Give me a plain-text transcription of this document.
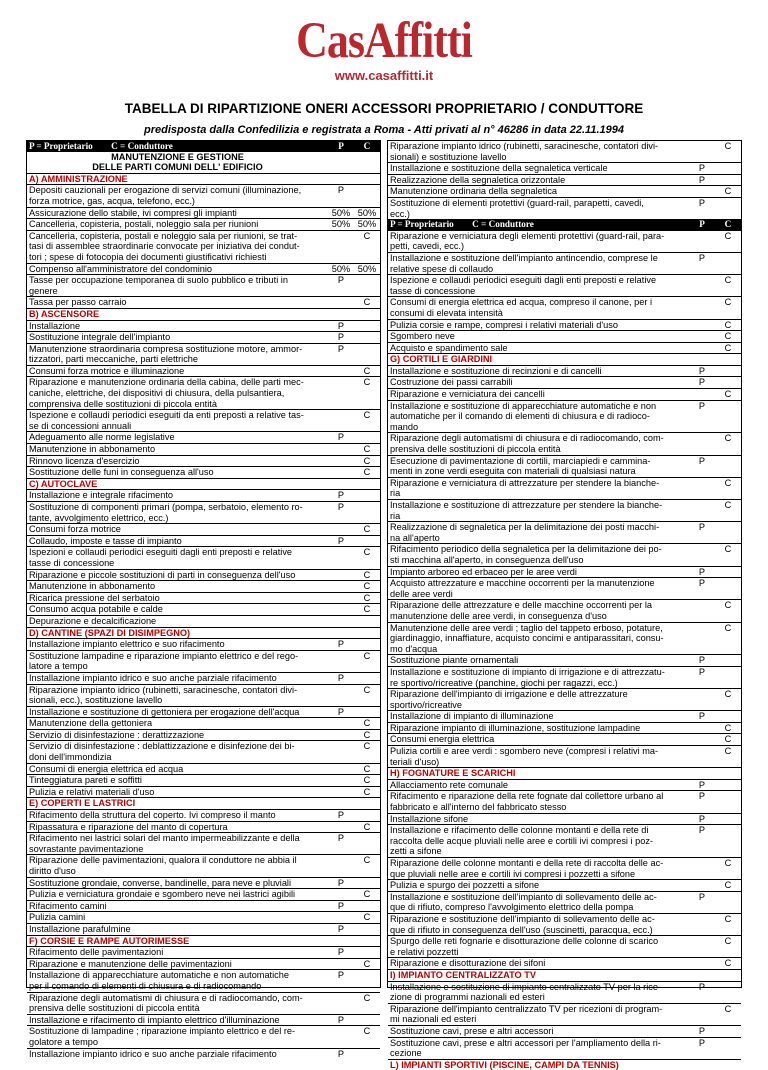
CasAffitti
www.casaffitti.it
TABELLA DI RIPARTIZIONE ONERI ACCESSORI PROPRIETARIO / CONDUTTORE
predisposta dalla Confedilizia e registrata a Roma - Atti privati al n° 46286 in data 22.11.1994
P = Proprietario        C = Conduttore	P	C
MANUTENZIONE E GESTIONE
DELLE PARTI COMUNI DELL' EDIFICIO
A) AMMINISTRAZIONE
Depositi cauzionali per erogazione di servizi comuni (illuminazione,	P
forza motrice, gas, acqua, telefono, ecc.)
Assicurazione dello stabile, ivi compresi gli impianti	50% 50%
Cancelleria, copisteria, postali, noleggio sala per riunioni	50% 50%
Cancelleria, copisteria, postali e noleggio sala per riunioni, se trat-	C
tasi di assemblee straordinarie convocate per iniziativa dei condut-
tori ; spese di fotocopia dei documenti giustificativi richiesti
Compenso all'amministratore del condominio	50% 50%
Tasse per occupazione temporanea di suolo pubblico e tributi in	P
genere
Tassa per passo carraio	C
B) ASCENSORE
Installazione	P
Sostituzione integrale dell'impianto	P
Manutenzione straordinaria compresa sostituzione motore, ammor-	P
tizzatori, parti meccaniche, parti elettriche
Consumi forza motrice e illuminazione	C
Riparazione e manutenzione ordinaria della cabina, delle parti mec-	C
caniche, elettriche, dei dispositivi di chiusura, della pulsantiera,
comprensiva delle sostituzioni di piccola entità
Ispezione e collaudi periodici eseguiti da enti preposti a relative tas-	C
se di concessioni annuali
Adeguamento alle norme legislative	P
Manutenzione in abbonamento	C
Rinnovo licenza d'esercizio	C
Sostituzione delle funi in conseguenza all'uso	C
C) AUTOCLAVE
Installazione e integrale rifacimento	P
Sostituzione di componenti primari (pompa, serbatoio, elemento ro-	P
tante, avvolgimento elettrico, ecc.)
Consumi forza motrice	C
Collaudo, imposte e tasse di impianto	P
Ispezioni e collaudi periodici eseguiti dagli enti preposti e relative	C
tasse di concessione
Riparazione e piccole sostituzioni di parti in conseguenza dell'uso	C
Manutenzione in abbonamento	C
Ricarica pressione del serbatoio	C
Consumo acqua potabile e calde	C
Depurazione e decalcificazione
D) CANTINE (SPAZI DI DISIMPEGNO)
Installazione impianto elettrico e suo rifacimento	P
Sostituzione lampadine e riparazione impianto elettrico e del rego-	C
latore a tempo
Installazione impianto idrico e suo anche parziale rifacimento	P
Riparazione impianto idrico (rubinetti, saracinesche, contatori divi-	C
sionali, ecc.), sostituzione lavello
Installazione e sostituzione di gettoniera per erogazione dell'acqua	P
Manutenzione della gettoniera	C
Servizio di disinfestazione : derattizzazione	C
Servizio di disinfestazione : deblattizzazione e disinfezione dei bi-	C
doni dell'immondizia
Consumi di energia elettrica ed acqua	C
Tinteggiatura pareti e soffitti	C
Pulizia e relativi materiali d'uso	C
E) COPERTI E LASTRICI
Rifacimento della struttura del coperto. Ivi compreso il manto	P
Ripassatura e riparazione del manto di copertura	C
Rifacimento nei lastrici solari del manto impermeabilizzante e della	P
sovrastante pavimentazione
Riparazione delle pavimentazioni, qualora il conduttore ne abbia il	C
diritto d'uso
Sostituzione grondaie, converse, bandinelle, para neve e pluviali	P
Pulizia e verniciatura grondaie e sgombero neve nei lastrici agibili	C
Rifacimento camini	P
Pulizia camini	C
Installazione parafulmine	P
F) CORSIE E RAMPE AUTORIMESSE
Rifacimento delle pavimentazioni	P
Riparazione e manutenzione delle pavimentazioni	C
Installazione di apparecchiature automatiche e non automatiche	P
per il comando di elementi di chiusura e di radiocomando
Riparazione degli automatismi di chiusura e di radiocomando, com-	C
prensiva delle sostituzioni di piccola entità
Installazione e rifacimento di impianto elettrico d'illuminazione	P
Sostituzione di lampadine ; riparazione impianto elettrico e del re-	C
golatore a tempo
Installazione impianto idrico e suo anche parziale rifacimento	P
Riparazione impianto idrico (rubinetti, saracinesche, contatori divi-	C
sionali) e sostituzione lavello
Installazione e sostituzione della segnaletica verticale	P
Realizzazione della segnaletica orizzontale	P
Manutenzione ordinaria della segnaletica	C
Sostituzione di elementi protettivi (guard-rail, parapetti, cavedi,	P
ecc.)
P = Proprietario        C = Conduttore	P	C
Riparazione e verniciatura degli elementi protettivi (guard-rail, para-	C
petti, cavedi, ecc.)
Installazione e sostituzione dell'impianto antincendio, comprese le	P
relative spese di collaudo
Ispezione e collaudi periodici eseguiti dagli enti preposti e relative	C
tasse di concessione
Consumi di energia elettrica ed acqua, compreso il canone, per i	C
consumi di elevata intensità
Pulizia corsie e rampe, compresi i relativi materiali d'uso	C
Sgombero neve	C
Acquisto e spandimento sale	C
G) CORTILI E GIARDINI
Installazione e sostituzione di recinzioni e di cancelli	P
Costruzione dei passi carrabili	P
Riparazione e verniciatura dei cancelli	C
Installazione e sostituzione di apparecchiature automatiche e non	P
automatiche per il comando di elementi di chiusura e di radioco-
mando
Riparazione degli automatismi di chiusura e di radiocomando, com-	C
prensiva delle sostituzioni di piccola entità
Esecuzione di pavimentazione di cortili, marciapiedi e cammina-	P
menti in zone verdi eseguita con materiali di qualsiasi natura
Riparazione e verniciatura di attrezzature per stendere la bianche-	C
ria
Installazione e sostituzione di attrezzature per stendere la bianche-	C
ria
Realizzazione di segnaletica per la delimitazione dei posti macchi-	P
na all'aperto
Rifacimento periodico della segnaletica per la delimitazione dei po-	C
sti macchina all'aperto, in conseguenza dell'uso
Impianto arboreo ed erbaceo per le aree verdi	P
Acquisto attrezzature e macchine occorrenti per la manutenzione	P
delle aree verdi
Riparazione delle attrezzature e delle macchine occorrenti per la	C
manutenzione delle aree verdi, in conseguenza d'uso
Manutenzione delle aree verdi ; taglio del tappeto erboso, potature,	C
giardinaggio, innaffiature, acquisto concimi e antiparassitari, consu-
mo d'acqua
Sostituzione piante ornamentali	P
Installazione e sostituzione di impianto di irrigazione e di attrezzatu-	P
re sportivo/ricreative (panchine, giochi per ragazzi, ecc.)
Riparazione dell'impianto di irrigazione e delle attrezzature	C
sportivo/ricreative
Installazione di impianto di illuminazione	P
Riparazione impianto di illuminazione, sostituzione lampadine	C
Consumi energia elettrica	C
Pulizia cortili e aree verdi : sgombero neve (compresi i relativi ma-	C
teriali d'uso)
H) FOGNATURE E SCARICHI
Allacciamento rete comunale	P
Rifacimento e riparazione della rete fognate dal collettore urbano al	P
fabbricato e all'interno del fabbricato stesso
Installazione sifone	P
Installazione e rifacimento delle colonne montanti e della rete di	P
raccolta delle acque pluviali nelle aree e cortili ivi compresi i poz-
zetti a sifone
Riparazione delle colonne montanti e della rete di raccolta delle ac-	C
que pluviali nelle aree e cortili ivi compresi i pozzetti a sifone
Pulizia e spurgo dei pozzetti a sifone	C
Installazione e sostituzione dell'impianto di sollevamento delle ac-	P
que di rifiuto, compreso l'avvolgimento elettrico della pompa
Riparazione e sostituzione dell'impianto di sollevamento delle ac-	C
que di rifiuto in conseguenza dell'uso (suscinetti, paracqua, ecc.)
Spurgo delle reti fognarie e disotturazione delle colonne di scarico	C
e relativi pozzetti
Riparazione e disotturazione dei sifoni	C
I) IMPIANTO CENTRALIZZATO TV
Installazione e sostituzione di impianto centralizzato TV per la rice-	P
zione di programmi nazionali ed esteri
Riparazione dell'impianto centralizzato TV per ricezioni di program-	C
mi nazionali ed esteri
Sostituzione cavi, prese e altri accessori	P
Sostituzione cavi, prese e altri accessori per l'ampliamento della ri-	P
cezione
L) IMPIANTI SPORTIVI (PISCINE, CAMPI DA TENNIS)
